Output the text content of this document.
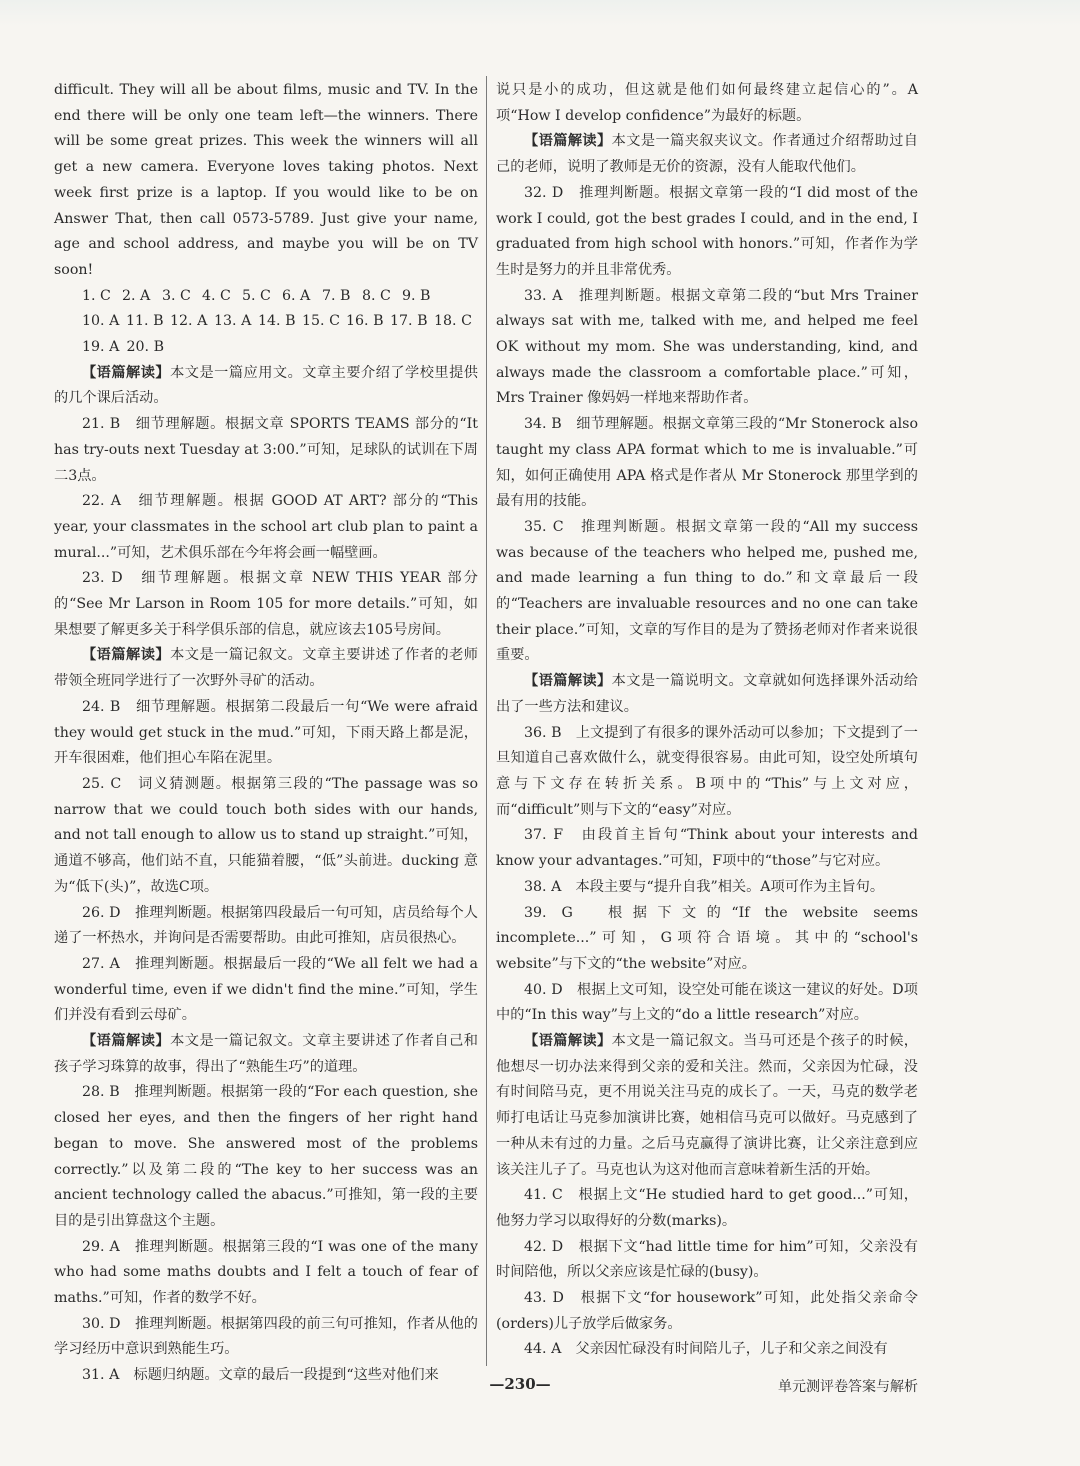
difficult. They will all be about films, music and TV. In the end there will be only one team left—the winners. There will be some great prizes. This week the winners will all get a new camera. Everyone loves taking photos. Next week first prize is a laptop. If you would like to be on Answer That, then call 0573-5789. Just give your name, age and school address, and maybe you will be on TV soon!

1. C 2. A 3. C 4. C 5. C 6. A 7. B 8. C 9. B
10. A 11. B 12. A 13. A 14. B 15. C 16. B 17. B 18. C
19. A 20. B

【语篇解读】本文是一篇应用文。文章主要介绍了学校里提供的几个课后活动。

21. B　细节理解题。根据文章 SPORTS TEAMS 部分的“It has try-outs next Tuesday at 3:00.”可知，足球队的试训在下周二3点。

22. A　细节理解题。根据 GOOD AT ART? 部分的“This year, your classmates in the school art club plan to paint a mural...”可知，艺术俱乐部在今年将会画一幅壁画。

23. D　细节理解题。根据文章 NEW THIS YEAR 部分的“See Mr Larson in Room 105 for more details.”可知，如果想要了解更多关于科学俱乐部的信息，就应该去105号房间。

【语篇解读】本文是一篇记叙文。文章主要讲述了作者的老师带领全班同学进行了一次野外寻矿的活动。

24. B　细节理解题。根据第二段最后一句“We were afraid they would get stuck in the mud.”可知，下雨天路上都是泥，开车很困难，他们担心车陷在泥里。

25. C　词义猜测题。根据第三段的“The passage was so narrow that we could touch both sides with our hands, and not tall enough to allow us to stand up straight.”可知，通道不够高，他们站不直，只能猫着腰，“低”头前进。ducking 意为“低下(头)”，故选C项。

26. D　推理判断题。根据第四段最后一句可知，店员给每个人递了一杯热水，并询问是否需要帮助。由此可推知，店员很热心。

27. A　推理判断题。根据最后一段的“We all felt we had a wonderful time, even if we didn't find the mine.”可知，学生们并没有看到云母矿。

【语篇解读】本文是一篇记叙文。文章主要讲述了作者自己和孩子学习珠算的故事，得出了“熟能生巧”的道理。

28. B　推理判断题。根据第一段的“For each question, she closed her eyes, and then the fingers of her right hand began to move. She answered most of the problems correctly.”以及第二段的“The key to her success was an ancient technology called the abacus.”可推知，第一段的主要目的是引出算盘这个主题。

29. A　推理判断题。根据第三段的“I was one of the many who had some maths doubts and I felt a touch of fear of maths.”可知，作者的数学不好。

30. D　推理判断题。根据第四段的前三句可推知，作者从他的学习经历中意识到熟能生巧。

31. A　标题归纳题。文章的最后一段提到“这些对他们来

说只是小的成功，但这就是他们如何最终建立起信心的”。A项“How I develop confidence”为最好的标题。

【语篇解读】本文是一篇夹叙夹议文。作者通过介绍帮助过自己的老师，说明了教师是无价的资源，没有人能取代他们。

32. D　推理判断题。根据文章第一段的“I did most of the work I could, got the best grades I could, and in the end, I graduated from high school with honors.”可知，作者作为学生时是努力的并且非常优秀。

33. A　推理判断题。根据文章第二段的“but Mrs Trainer always sat with me, talked with me, and helped me feel OK without my mom. She was understanding, kind, and always made the classroom a comfortable place.”可知，Mrs Trainer 像妈妈一样地来帮助作者。

34. B　细节理解题。根据文章第三段的“Mr Stonerock also taught my class APA format which to me is invaluable.”可知，如何正确使用 APA 格式是作者从 Mr Stonerock 那里学到的最有用的技能。

35. C　推理判断题。根据文章第一段的“All my success was because of the teachers who helped me, pushed me, and made learning a fun thing to do.”和文章最后一段的“Teachers are invaluable resources and no one can take their place.”可知，文章的写作目的是为了赞扬老师对作者来说很重要。

【语篇解读】本文是一篇说明文。文章就如何选择课外活动给出了一些方法和建议。

36. B　上文提到了有很多的课外活动可以参加；下文提到了一旦知道自己喜欢做什么，就变得很容易。由此可知，设空处所填句意与下文存在转折关系。B项中的“This”与上文对应，而“difficult”则与下文的“easy”对应。

37. F　由段首主旨句“Think about your interests and know your advantages.”可知，F项中的“those”与它对应。

38. A　本段主要与“提升自我”相关。A项可作为主旨句。

39. G　根据下文的“If the website seems incomplete...”可知，G项符合语境。其中的“school's website”与下文的“the website”对应。

40. D　根据上文可知，设空处可能在谈这一建议的好处。D项中的“In this way”与上文的“do a little research”对应。

【语篇解读】本文是一篇记叙文。当马可还是个孩子的时候，他想尽一切办法来得到父亲的爱和关注。然而，父亲因为忙碌，没有时间陪马克，更不用说关注马克的成长了。一天，马克的数学老师打电话让马克参加演讲比赛，她相信马克可以做好。马克感到了一种从未有过的力量。之后马克赢得了演讲比赛，让父亲注意到应该关注儿子了。马克也认为这对他而言意味着新生活的开始。

41. C　根据上文“He studied hard to get good...”可知，他努力学习以取得好的分数(marks)。

42. D　根据下文“had little time for him”可知，父亲没有时间陪他，所以父亲应该是忙碌的(busy)。

43. D　根据下文“for housework”可知，此处指父亲命令(orders)儿子放学后做家务。

44. A　父亲因忙碌没有时间陪儿子，儿子和父亲之间没有

—230—	单元测评卷答案与解析
